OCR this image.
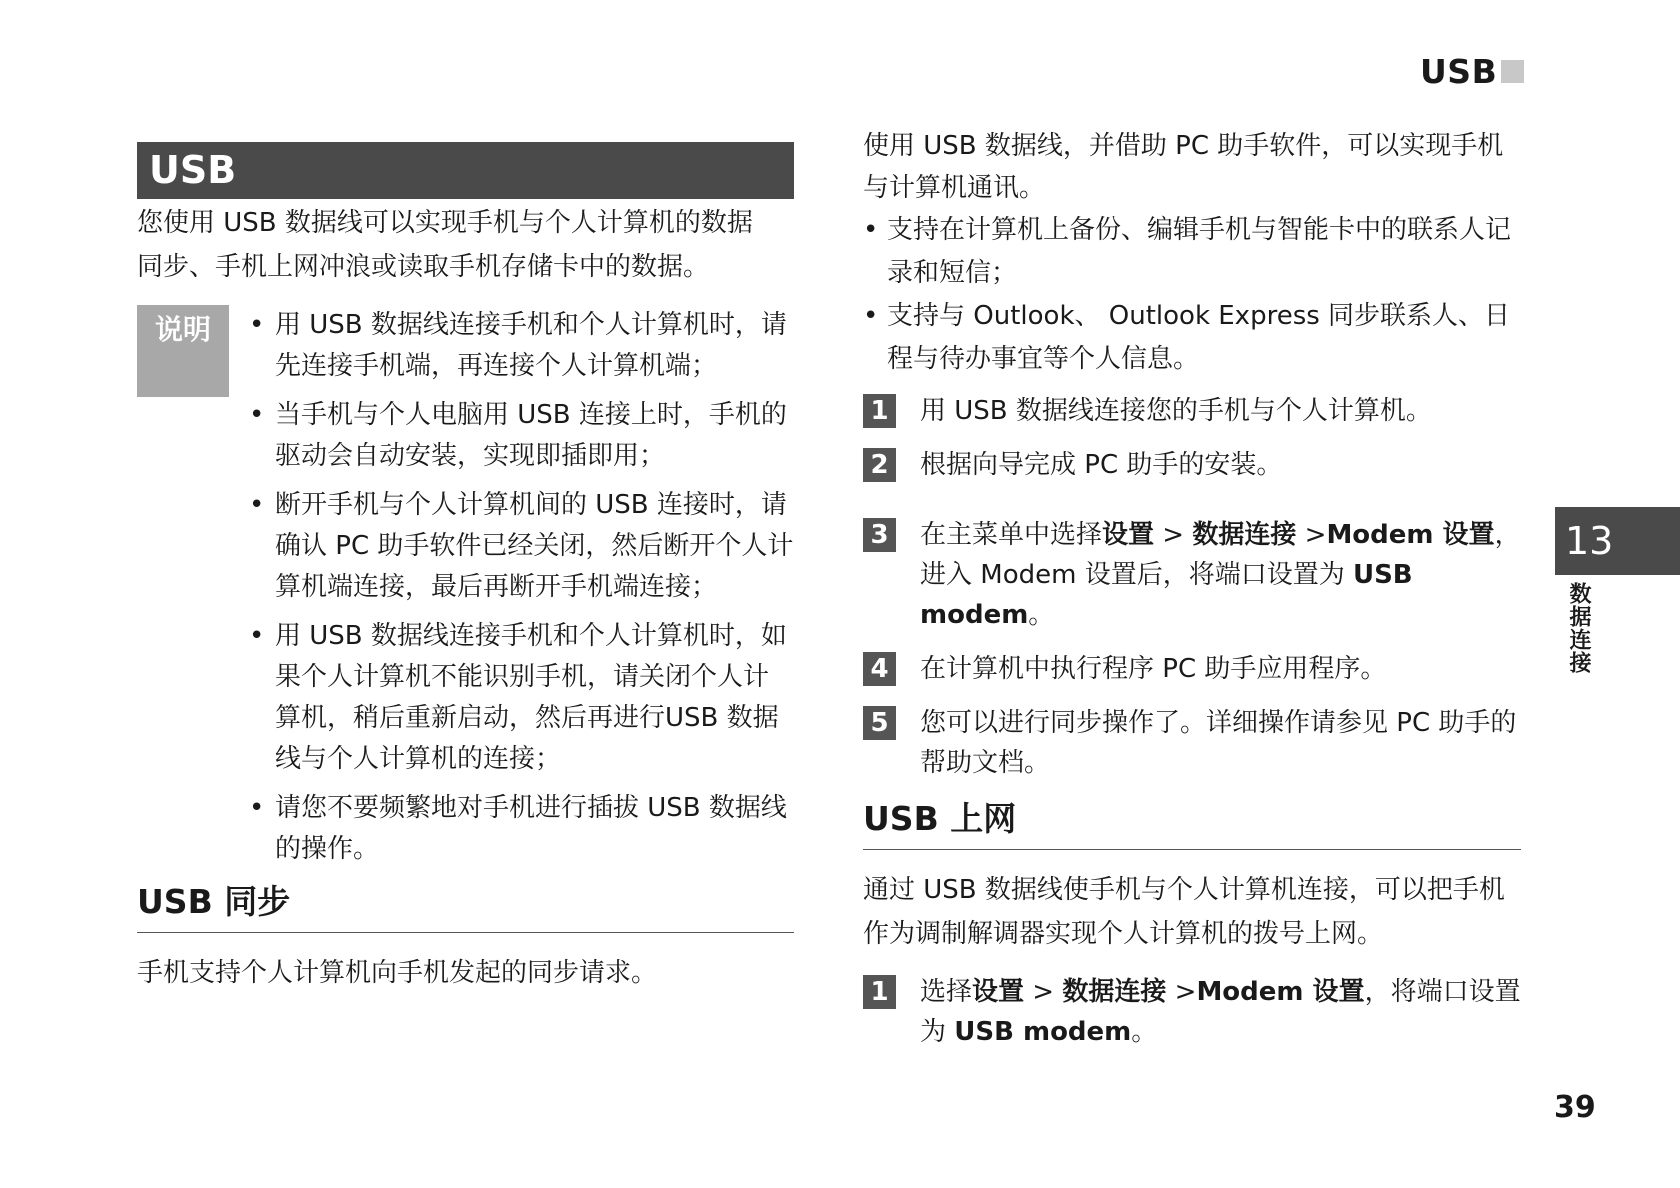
USB
USB

您使用 USB 数据线可以实现手机与个人计算机的数据

同步、手机上网冲浪或读取手机存储卡中的数据。

说明
•	用 USB 数据线连接手机和个人计算机时，请先连接手机端，再连接个人计算机端；
• 当手机与个人电脑用 USB 连接上时，手机的驱动会自动安装，实现即插即用；
• 断开手机与个人计算机间的 USB 连接时，请确认 PC 助手软件已经关闭，然后断开个人计算机端连接，最后再断开手机端连接；
• 用 USB 数据线连接手机和个人计算机时，如果个人计算机不能识别手机，请关闭个人计算机，稍后重新启动，然后再进行USB 数据线与个人计算机的连接；
• 请您不要频繁地对手机进行插拔 USB 数据线的操作。
USB 同步

手机支持个人计算机向手机发起的同步请求。

使用 USB 数据线，并借助 PC 助手软件，可以实现手机与计算机通讯。

• 支持在计算机上备份、编辑手机与智能卡中的联系人记录和短信；
• 支持与 Outlook、 Outlook Express 同步联系人、日程与待办事宜等个人信息。
1 用 USB 数据线连接您的手机与个人计算机。
2 根据向导完成 PC 助手的安装。
3 在主菜单中选择设置 > 数据连接 >Modem 设置，进入 Modem 设置后，将端口设置为 USB modem。
4 在计算机中执行程序 PC 助手应用程序。
5 您可以进行同步操作了。详细操作请参见 PC 助手的帮助文档。
USB 上网

通过 USB 数据线使手机与个人计算机连接，可以把手机作为调制解调器实现个人计算机的拨号上网。

1 选择设置 > 数据连接 >Modem 设置，将端口设置为 USB modem。
13
数据连接
39
